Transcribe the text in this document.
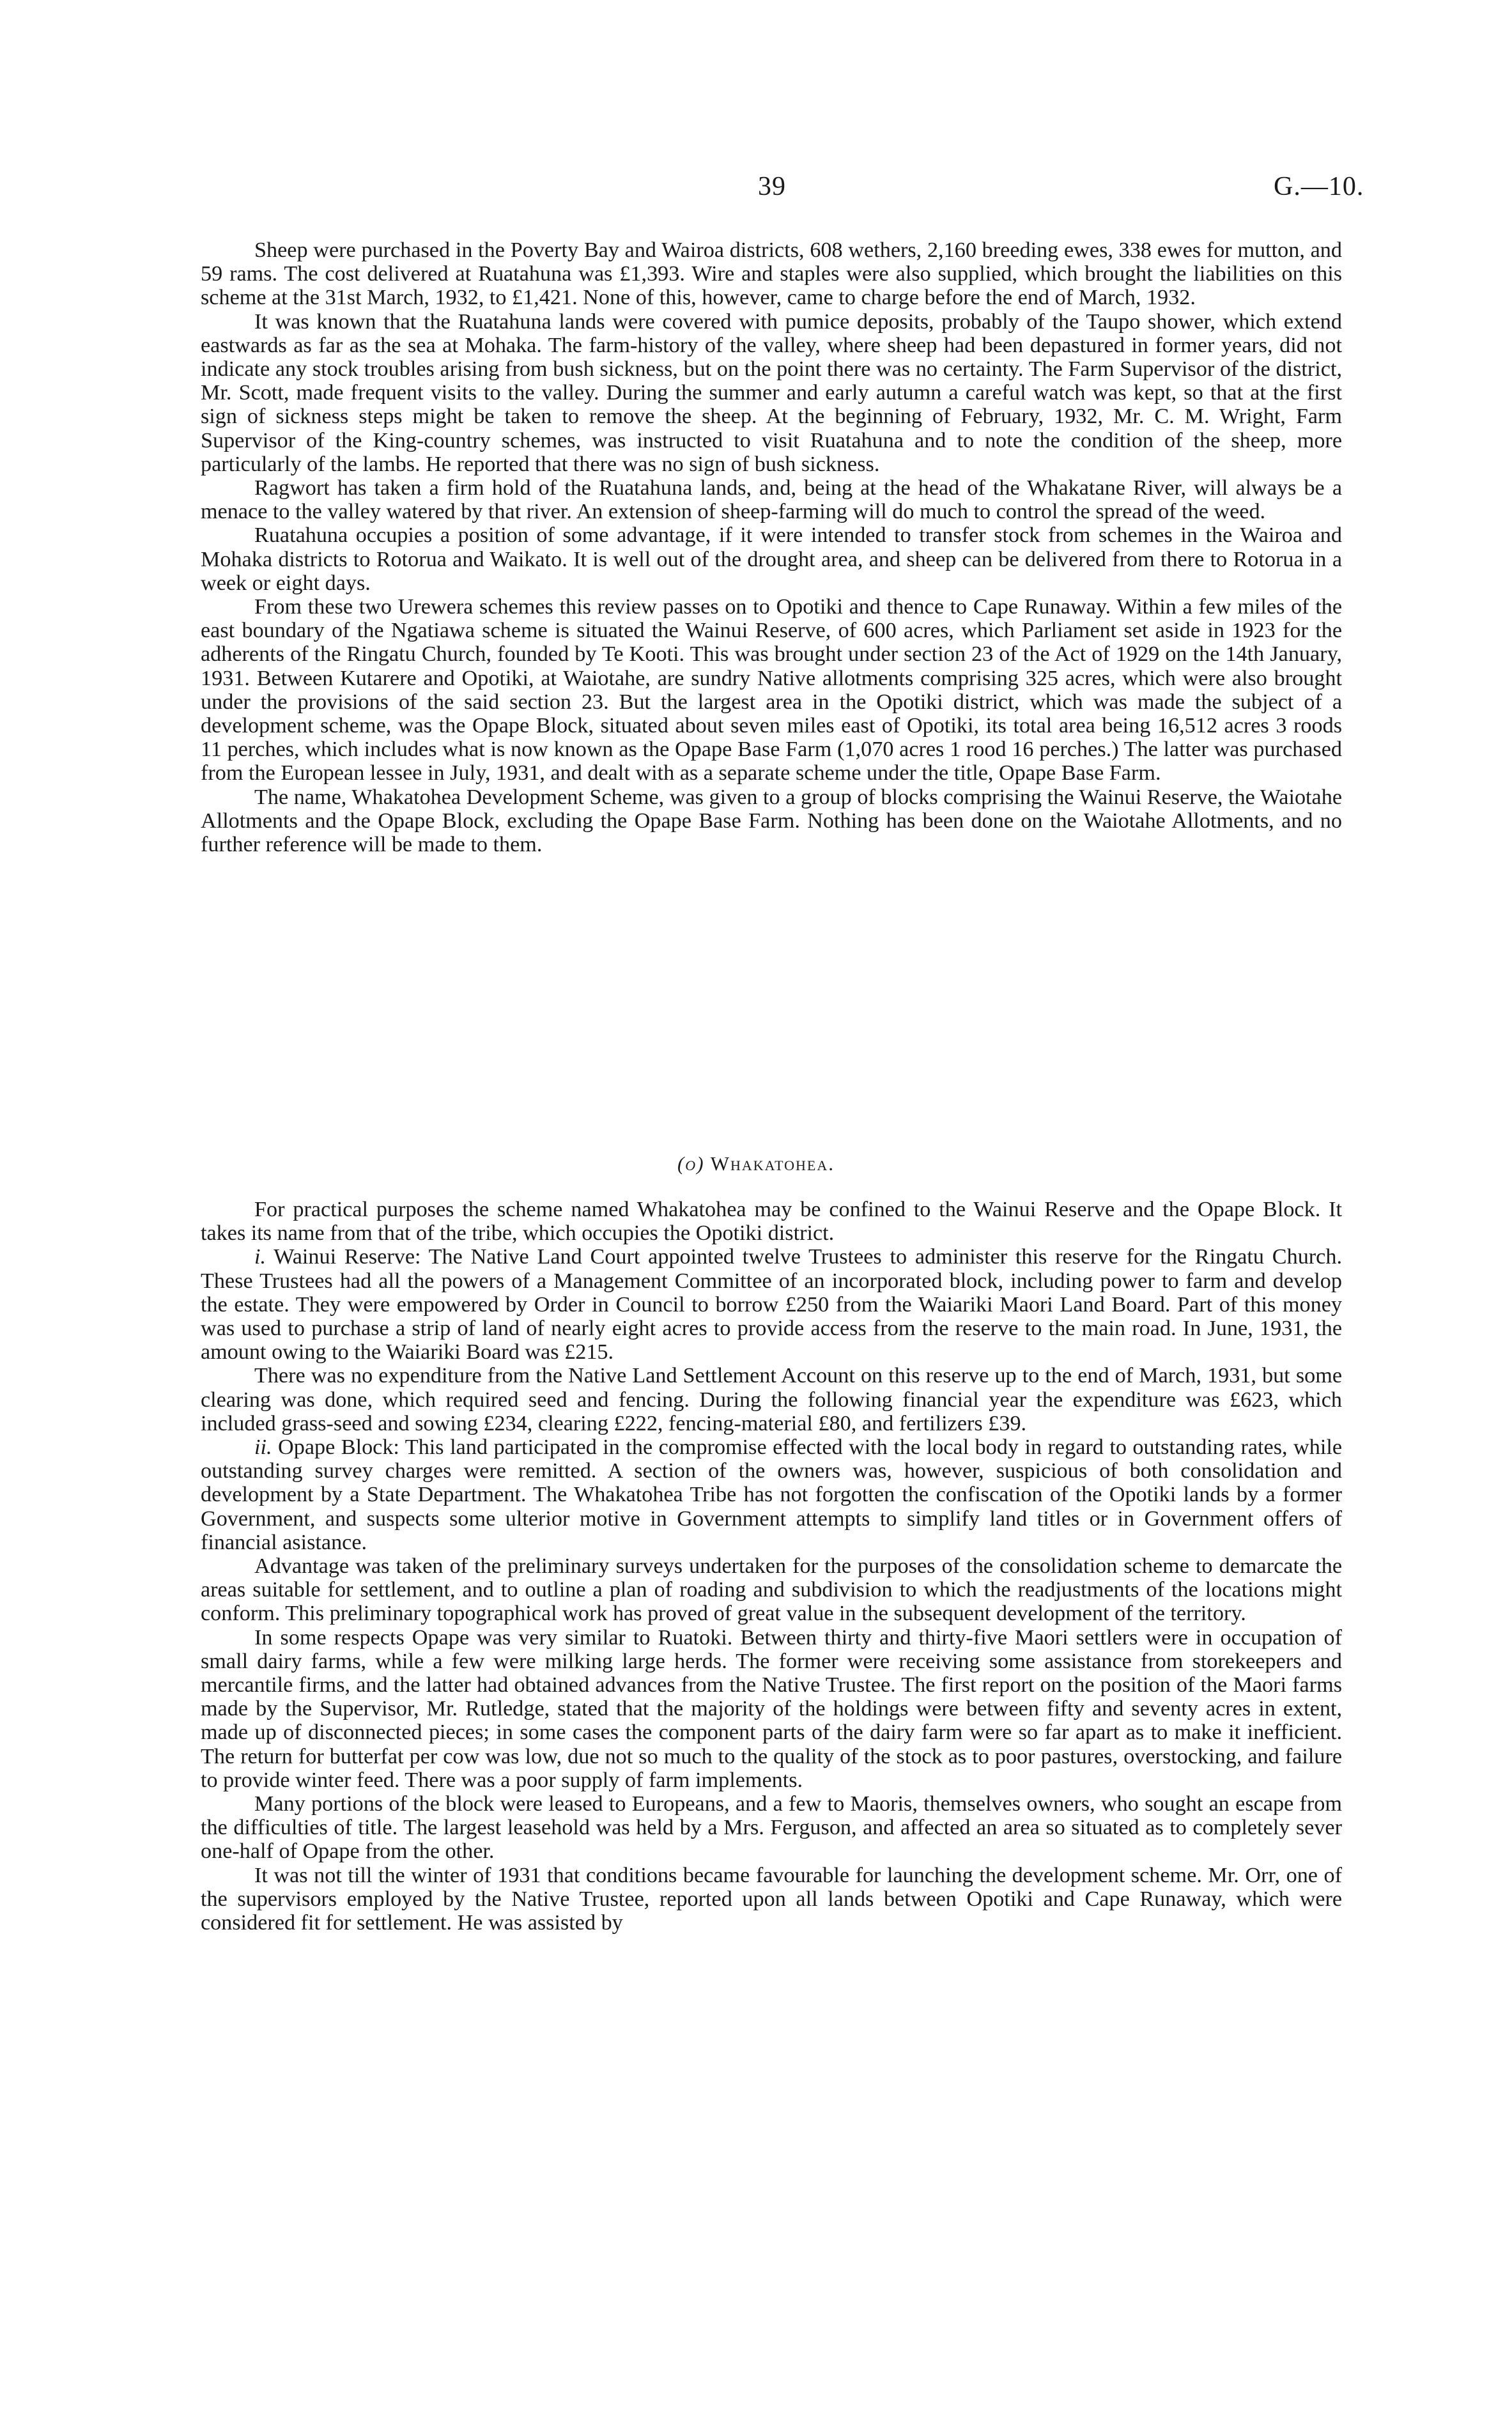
39	G.—10.

Sheep were purchased in the Poverty Bay and Wairoa districts, 608 wethers, 2,160 breeding ewes, 338 ewes for mutton, and 59 rams. The cost delivered at Ruatahuna was £1,393. Wire and staples were also supplied, which brought the liabilities on this scheme at the 31st March, 1932, to £1,421. None of this, however, came to charge before the end of March, 1932.

It was known that the Ruatahuna lands were covered with pumice deposits, probably of the Taupo shower, which extend eastwards as far as the sea at Mohaka. The farm-history of the valley, where sheep had been depastured in former years, did not indicate any stock troubles arising from bush sickness, but on the point there was no certainty. The Farm Supervisor of the district, Mr. Scott, made frequent visits to the valley. During the summer and early autumn a careful watch was kept, so that at the first sign of sickness steps might be taken to remove the sheep. At the beginning of February, 1932, Mr. C. M. Wright, Farm Supervisor of the King-country schemes, was instructed to visit Ruatahuna and to note the condition of the sheep, more particularly of the lambs. He reported that there was no sign of bush sickness.

Ragwort has taken a firm hold of the Ruatahuna lands, and, being at the head of the Whakatane River, will always be a menace to the valley watered by that river. An extension of sheep-farming will do much to control the spread of the weed.

Ruatahuna occupies a position of some advantage, if it were intended to transfer stock from schemes in the Wairoa and Mohaka districts to Rotorua and Waikato. It is well out of the drought area, and sheep can be delivered from there to Rotorua in a week or eight days.

From these two Urewera schemes this review passes on to Opotiki and thence to Cape Runaway. Within a few miles of the east boundary of the Ngatiawa scheme is situated the Wainui Reserve, of 600 acres, which Parliament set aside in 1923 for the adherents of the Ringatu Church, founded by Te Kooti. This was brought under section 23 of the Act of 1929 on the 14th January, 1931. Between Kutarere and Opotiki, at Waiotahe, are sundry Native allotments comprising 325 acres, which were also brought under the provisions of the said section 23. But the largest area in the Opotiki district, which was made the subject of a development scheme, was the Opape Block, situated about seven miles east of Opotiki, its total area being 16,512 acres 3 roods 11 perches, which includes what is now known as the Opape Base Farm (1,070 acres 1 rood 16 perches.) The latter was purchased from the European lessee in July, 1931, and dealt with as a separate scheme under the title, Opape Base Farm.

The name, Whakatohea Development Scheme, was given to a group of blocks comprising the Wainui Reserve, the Waiotahe Allotments and the Opape Block, excluding the Opape Base Farm. Nothing has been done on the Waiotahe Allotments, and no further reference will be made to them.

(o) Whakatohea.

For practical purposes the scheme named Whakatohea may be confined to the Wainui Reserve and the Opape Block. It takes its name from that of the tribe, which occupies the Opotiki district.

i. Wainui Reserve: The Native Land Court appointed twelve Trustees to administer this reserve for the Ringatu Church. These Trustees had all the powers of a Management Committee of an incorporated block, including power to farm and develop the estate. They were empowered by Order in Council to borrow £250 from the Waiariki Maori Land Board. Part of this money was used to purchase a strip of land of nearly eight acres to provide access from the reserve to the main road. In June, 1931, the amount owing to the Waiariki Board was £215.

There was no expenditure from the Native Land Settlement Account on this reserve up to the end of March, 1931, but some clearing was done, which required seed and fencing. During the following financial year the expenditure was £623, which included grass-seed and sowing £234, clearing £222, fencing-material £80, and fertilizers £39.

ii. Opape Block: This land participated in the compromise effected with the local body in regard to outstanding rates, while outstanding survey charges were remitted. A section of the owners was, however, suspicious of both consolidation and development by a State Department. The Whakatohea Tribe has not forgotten the confiscation of the Opotiki lands by a former Government, and suspects some ulterior motive in Government attempts to simplify land titles or in Government offers of financial asistance.

Advantage was taken of the preliminary surveys undertaken for the purposes of the consolidation scheme to demarcate the areas suitable for settlement, and to outline a plan of roading and subdivision to which the readjustments of the locations might conform. This preliminary topographical work has proved of great value in the subsequent development of the territory.

In some respects Opape was very similar to Ruatoki. Between thirty and thirty-five Maori settlers were in occupation of small dairy farms, while a few were milking large herds. The former were receiving some assistance from storekeepers and mercantile firms, and the latter had obtained advances from the Native Trustee. The first report on the position of the Maori farms made by the Supervisor, Mr. Rutledge, stated that the majority of the holdings were between fifty and seventy acres in extent, made up of disconnected pieces; in some cases the component parts of the dairy farm were so far apart as to make it inefficient. The return for butterfat per cow was low, due not so much to the quality of the stock as to poor pastures, overstocking, and failure to provide winter feed. There was a poor supply of farm implements.

Many portions of the block were leased to Europeans, and a few to Maoris, themselves owners, who sought an escape from the difficulties of title. The largest leasehold was held by a Mrs. Ferguson, and affected an area so situated as to completely sever one-half of Opape from the other.

It was not till the winter of 1931 that conditions became favourable for launching the development scheme. Mr. Orr, one of the supervisors employed by the Native Trustee, reported upon all lands between Opotiki and Cape Runaway, which were considered fit for settlement. He was assisted by
